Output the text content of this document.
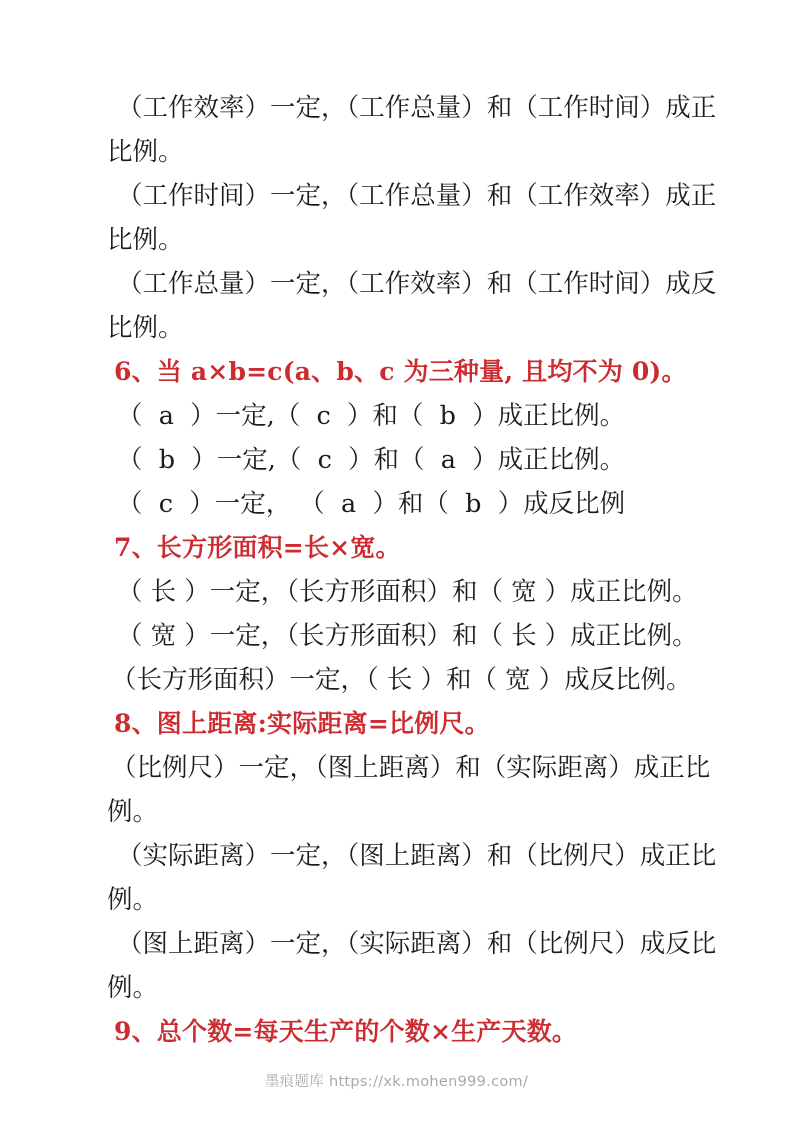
（工作效率）一定，（工作总量）和（工作时间）成正
比例。
（工作时间）一定，（工作总量）和（工作效率）成正
比例。
（工作总量）一定，（工作效率）和（工作时间）成反
比例。
6、当 a×b=c(a、b、c 为三种量, 且均不为 0)。
（  a  ）一定,（  c  ）和（  b  ）成正比例。
（  b  ）一定,（  c  ）和（  a  ）成正比例。
（  c  ）一定， （  a  ）和（  b  ）成反比例
7、长方形面积=长×宽。
（ 长 ）一定，（长方形面积）和（ 宽 ）成正比例。
（ 宽 ）一定，（长方形面积）和（ 长 ）成正比例。
（长方形面积）一定，（ 长 ）和（ 宽 ）成反比例。
8、图上距离:实际距离=比例尺。
（比例尺）一定，（图上距离）和（实际距离）成正比
例。
（实际距离）一定，（图上距离）和（比例尺）成正比
例。
（图上距离）一定，（实际距离）和（比例尺）成反比
例。
9、总个数=每天生产的个数×生产天数。
墨痕题库 https://xk.mohen999.com/
